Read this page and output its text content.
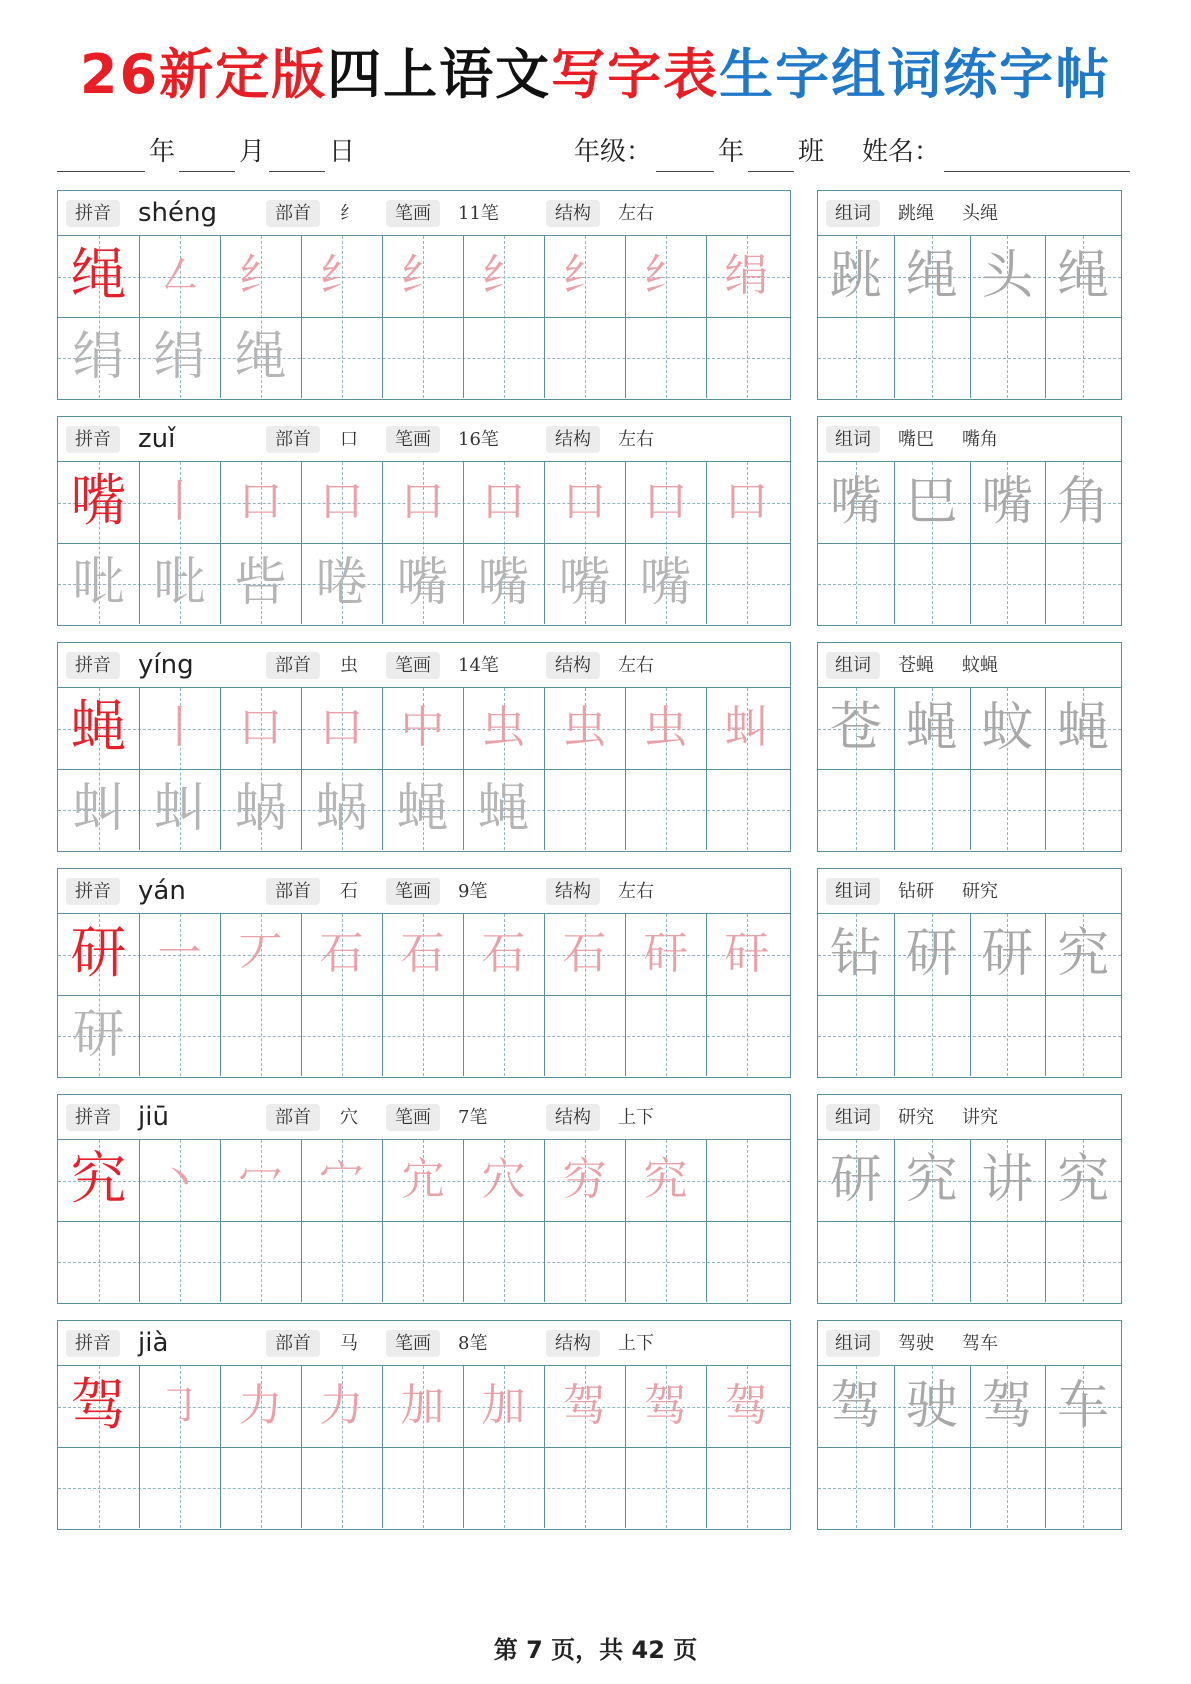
26新定版四上语文写字表生字组词练字帖
年 月 日	年级：	年 班 姓名：
拼音	shéng	部首	纟	笔画	11笔	结构	左右
绳 ㇜ 纟 纟 纟 纟 纟 纟 绢
绢 绢 绳
组词	跳绳 头绳
跳 绳 头 绳
拼音	zuǐ	部首	口	笔画	16笔	结构	左右
嘴 丨 口 口 口 口 口 口 口
吡 吡 呰 啳 嘴 嘴 嘴 嘴
组词	嘴巴 嘴角
嘴 巴 嘴 角
拼音	yíng	部首	虫	笔画	14笔	结构	左右
蝇 丨 口 口 中 虫 虫 虫 虯
虯 虯 蜗 蜗 蝇 蝇
组词	苍蝇 蚊蝇
苍 蝇 蚊 蝇
拼音	yán	部首	石	笔画	9笔	结构	左右
研 一 丆 石 石 石 石 矸 矸
研
组词	钻研 研究
钻 研 研 究
拼音	jiū	部首	穴	笔画	7笔	结构	上下
究 丶 冖 宀 宂 穴 穷 究
组词	研究 讲究
研 究 讲 究
拼音	jià	部首	马	笔画	8笔	结构	上下
驾 ㇆ 力 力 加 加 驾 驾 驾
组词	驾驶 驾车
驾 驶 驾 车
第 7 页，共 42 页
